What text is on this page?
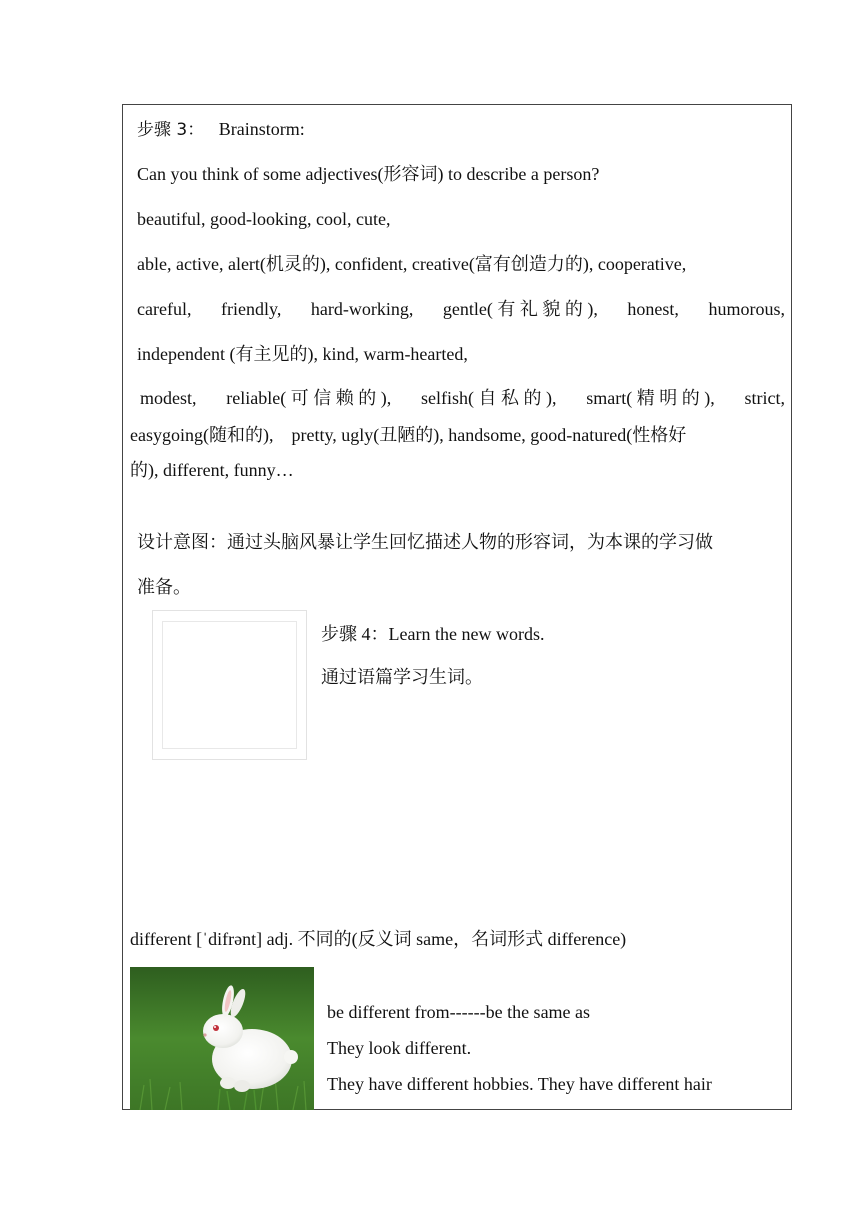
步骤 3： Brainstorm:
Can you think of some adjectives(形容词) to describe a person?
beautiful, good-looking, cool, cute,
able, active, alert(机灵的), confident, creative(富有创造力的), cooperative,
careful, friendly, hard-working, gentle( 有 礼 貌 的 ), honest, humorous,
independent (有主见的), kind, warm-hearted,
modest, reliable( 可 信 赖 的 ), selfish( 自 私 的 ), smart( 精 明 的 ), strict,
easygoing(随和的),    pretty, ugly(丑陋的), handsome, good-natured(性格好
的), different, funny…
设计意图：通过头脑风暴让学生回忆描述人物的形容词，为本课的学习做
准备。
步骤 4：Learn the new words.
通过语篇学习生词。
different [ˈdifrənt] adj. 不同的(反义词 same，名词形式 difference)
be different from------be the same as
They look different.
They have different hobbies. They have different hair
